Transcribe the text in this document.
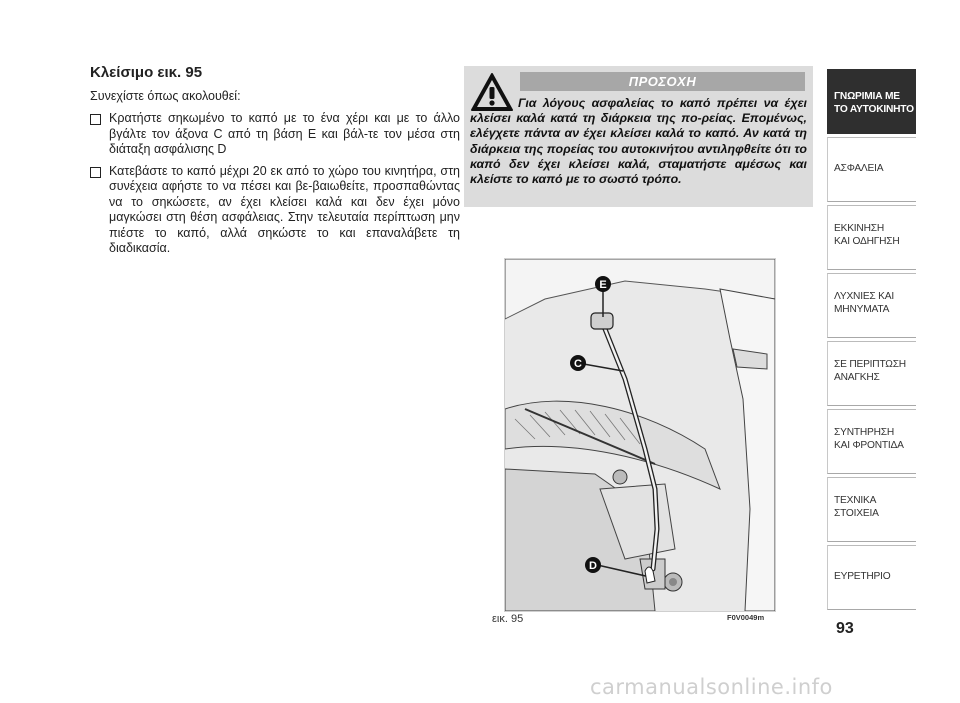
Κλείσιμο εικ. 95
Συνεχίστε όπως ακολουθεί:
Κρατήστε σηκωμένο το καπό με το ένα χέρι και με το άλλο βγάλτε τον άξονα C από τη βάση E και βάλ-τε τον μέσα στη διάταξη ασφάλισης D
Κατεβάστε το καπό μέχρι 20 εκ από το χώρο του κινητήρα, στη συνέχεια αφήστε το να πέσει και βε-βαιωθείτε, προσπαθώντας να το σηκώσετε, αν έχει κλείσει καλά και δεν έχει μόνο μαγκώσει στη θέση ασφάλειας. Στην τελευταία περίπτωση μην πιέστε το καπό, αλλά σηκώστε το και επαναλάβετε τη διαδικασία.
ΠΡΟΣΟΧΗ
Για λόγους ασφαλείας το καπό πρέπει να έχει κλείσει καλά κατά τη διάρκεια της πο-ρείας. Επομένως, ελέγχετε πάντα αν έχει κλείσει καλά το καπό. Αν κατά τη διάρκεια της πορείας του αυτοκινήτου αντιληφθείτε ότι το καπό δεν έχει κλείσει καλά, σταματήστε αμέσως και κλείστε το καπό με το σωστό τρόπο.
E
C
D
εικ. 95	F0V0049m
ΓΝΩΡΙΜΙΑ ΜΕ
ΤΟ ΑΥΤΟΚΙΝΗΤΟ
ΑΣΦΑΛΕΙΑ
ΕΚΚΙΝΗΣΗ
ΚΑΙ ΟΔΗΓΗΣΗ
ΛΥΧΝΙΕΣ ΚΑΙ
ΜΗΝΥΜΑΤΑ
ΣΕ ΠΕΡΙΠΤΩΣΗ
ΑΝΑΓΚΗΣ
ΣΥΝΤΗΡΗΣΗ
ΚΑΙ ΦΡΟΝΤΙΔΑ
ΤΕΧΝΙΚΑ
ΣΤΟΙΧΕΙΑ
ΕΥΡΕΤΗΡΙΟ
93
carmanualsonline.info
